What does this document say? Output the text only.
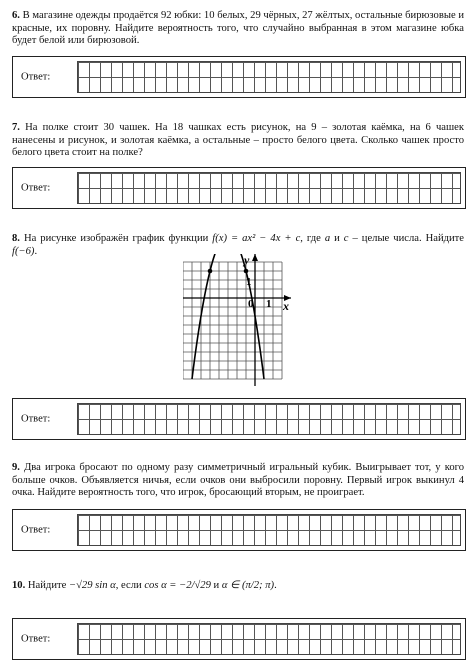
6. В магазине одежды продаётся 92 юбки: 10 белых, 29 чёрных, 27 жёлтых, остальные бирюзовые и красные, их поровну. Найдите вероятность того, что случайно выбранная в этом магазине юбка будет белой или бирюзовой.

Ответ:

7. На полке стоит 30 чашек. На 18 чашках есть рисунок, на 9 – золотая каёмка, на 6 чашек нанесены и рисунок, и золотая каёмка, а остальные – просто белого цвета. Сколько чашек просто белого цвета стоит на полке?

Ответ:

8. На рисунке изображён график функции f(x) = ax² − 4x + c, где a и c – целые числа. Найдите f(−6).

y
x
0 1
1
Ответ:

9. Два игрока бросают по одному разу симметричный игральный кубик. Выигрывает тот, у кого больше очков. Объявляется ничья, если очков они выбросили поровну. Первый игрок выкинул 4 очка. Найдите вероятность того, что игрок, бросающий вторым, не проиграет.

Ответ:

10. Найдите −√29 sin α, если cos α = −2/√29 и α ∈ (π/2; π).

Ответ:
